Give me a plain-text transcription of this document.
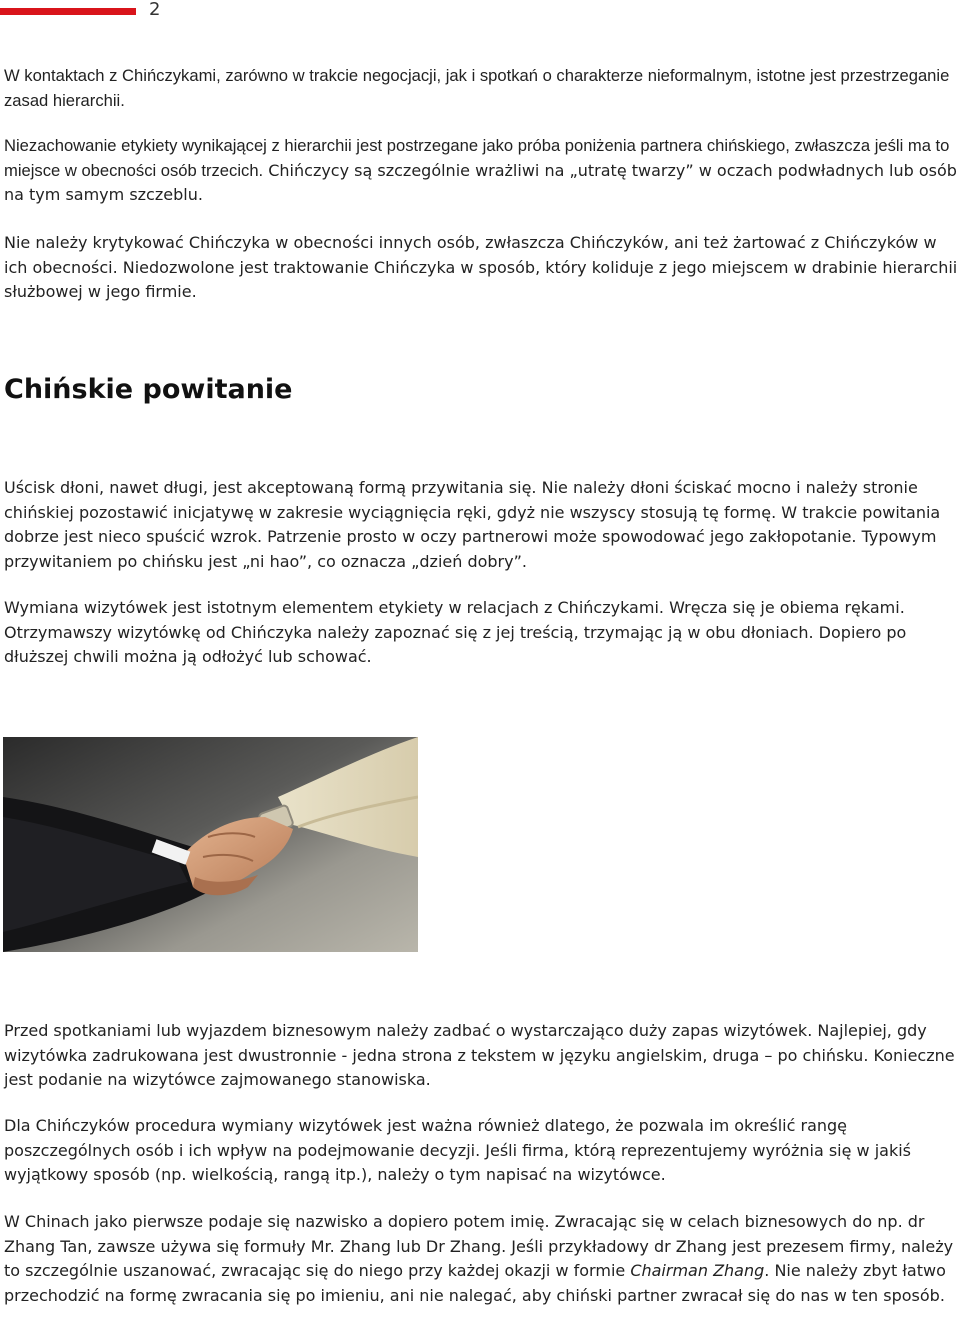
2

W kontaktach z Chińczykami, zarówno w trakcie negocjacji, jak i spotkań o charakterze nieformalnym, istotne jest przestrzeganie zasad hierarchii.

Niezachowanie etykiety wynikającej z hierarchii jest postrzegane jako próba poniżenia partnera chińskiego, zwłaszcza jeśli ma to miejsce w obecności osób trzecich. Chińczycy są szczególnie wrażliwi na „utratę twarzy” w oczach podwładnych lub osób na tym samym szczeblu.

Nie należy krytykować Chińczyka w obecności innych osób, zwłaszcza Chińczyków, ani też żartować z Chińczyków w ich obecności. Niedozwolone jest traktowanie Chińczyka w sposób, który koliduje z jego miejscem w drabinie hierarchii służbowej w jego firmie.

Chińskie powitanie

Uścisk dłoni, nawet długi, jest akceptowaną formą przywitania się. Nie należy dłoni ściskać mocno i należy stronie chińskiej pozostawić inicjatywę w zakresie wyciągnięcia ręki, gdyż nie wszyscy stosują tę formę. W trakcie powitania dobrze jest nieco spuścić wzrok. Patrzenie prosto w oczy partnerowi może spowodować jego zakłopotanie. Typowym przywitaniem po chińsku jest „ni hao”, co oznacza „dzień dobry”.

Wymiana wizytówek jest istotnym elementem etykiety w relacjach z Chińczykami. Wręcza się je obiema rękami. Otrzymawszy wizytówkę od Chińczyka należy zapoznać się z jej treścią, trzymając ją w obu dłoniach. Dopiero po dłuższej chwili można ją odłożyć lub schować.

Przed spotkaniami lub wyjazdem biznesowym należy zadbać o wystarczająco duży zapas wizytówek. Najlepiej, gdy wizytówka zadrukowana jest dwustronnie - jedna strona z tekstem w języku angielskim, druga – po chińsku. Konieczne jest podanie na wizytówce zajmowanego stanowiska.

Dla Chińczyków procedura wymiany wizytówek jest ważna również dlatego, że pozwala im określić rangę poszczególnych osób i ich wpływ na podejmowanie decyzji. Jeśli firma, którą reprezentujemy wyróżnia się w jakiś wyjątkowy sposób (np. wielkością, rangą itp.), należy o tym napisać na wizytówce.

W Chinach jako pierwsze podaje się nazwisko a dopiero potem imię. Zwracając się w celach biznesowych do np. dr Zhang Tan, zawsze używa się formuły Mr. Zhang lub Dr Zhang. Jeśli przykładowy dr Zhang jest prezesem firmy, należy to szczególnie uszanować, zwracając się do niego przy każdej okazji w formie Chairman Zhang. Nie należy zbyt łatwo przechodzić na formę zwracania się po imieniu, ani nie nalegać, aby chiński partner zwracał się do nas w ten sposób.
